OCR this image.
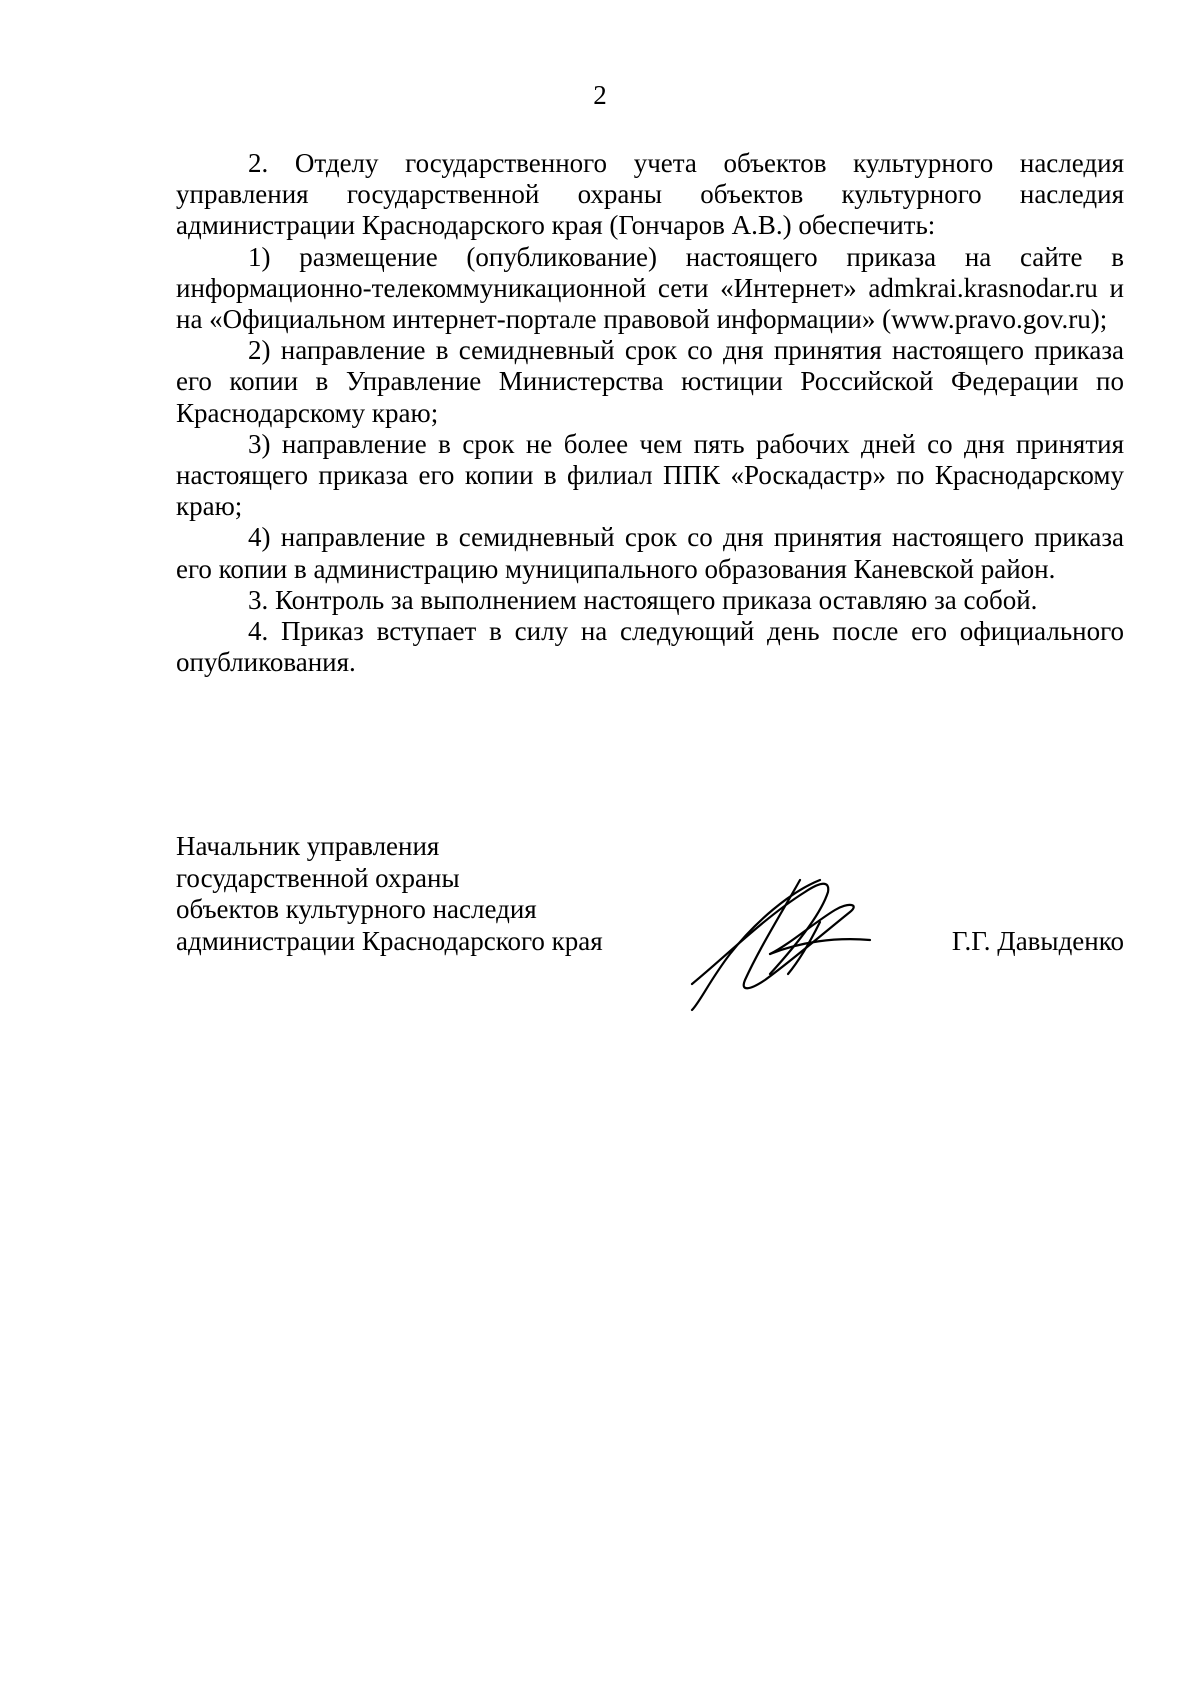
2

2. Отделу государственного учета объектов культурного наследия управления государственной охраны объектов культурного наследия администрации Краснодарского края (Гончаров А.В.) обеспечить:

1) размещение (опубликование) настоящего приказа на сайте в информационно-телекоммуникационной сети «Интернет» admkrai.krasnodar.ru и на «Официальном интернет-портале правовой информации» (www.pravo.gov.ru);

2) направление в семидневный срок со дня принятия настоящего приказа его копии в Управление Министерства юстиции Российской Федерации по Краснодарскому краю;

3) направление в срок не более чем пять рабочих дней со дня принятия настоящего приказа его копии в филиал ППК «Роскадастр» по Краснодарскому краю;

4) направление в семидневный срок со дня принятия настоящего приказа его копии в администрацию муниципального образования Каневской район.

3. Контроль за выполнением настоящего приказа оставляю за собой.

4. Приказ вступает в силу на следующий день после его официального опубликования.

Начальник управления
государственной охраны
объектов культурного наследия
администрации Краснодарского края	Г.Г. Давыденко
